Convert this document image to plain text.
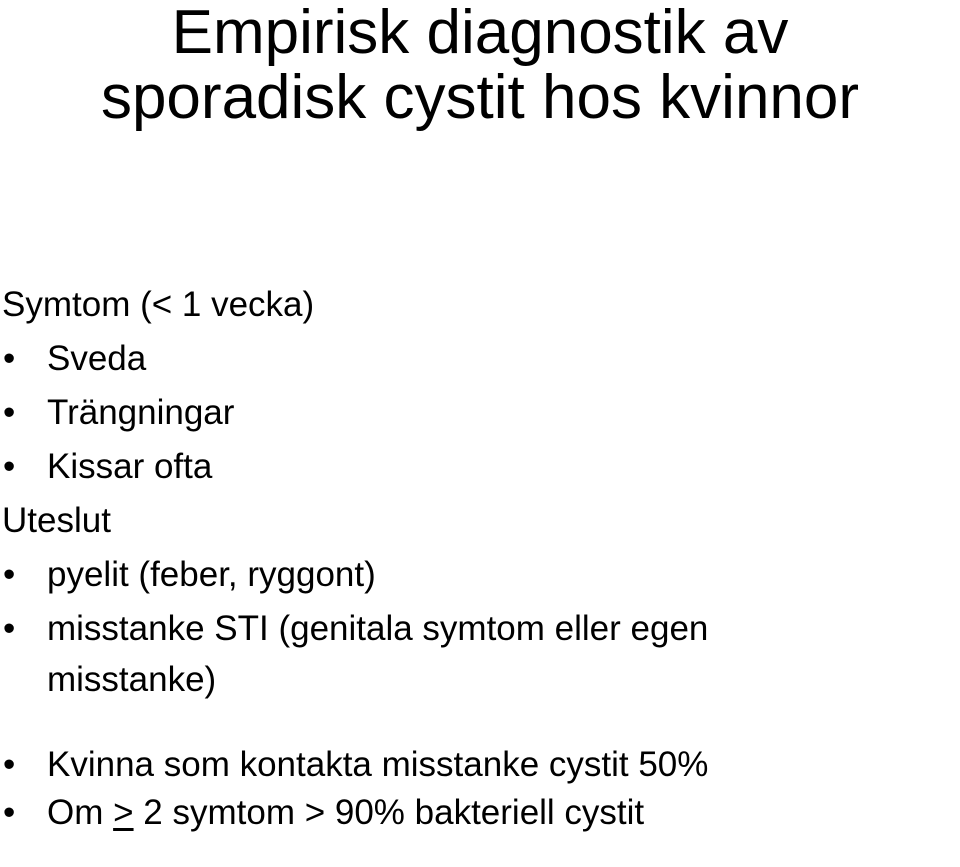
Empirisk diagnostik av
sporadisk cystit hos kvinnor
Symtom (< 1 vecka)
• Sveda
• Trängningar
• Kissar ofta
Uteslut
• pyelit (feber, ryggont)
• misstanke STI (genitala symtom eller egen
misstanke)
• Kvinna som kontakta misstanke cystit 50%
• Om ≥ 2 symtom > 90% bakteriell cystit
